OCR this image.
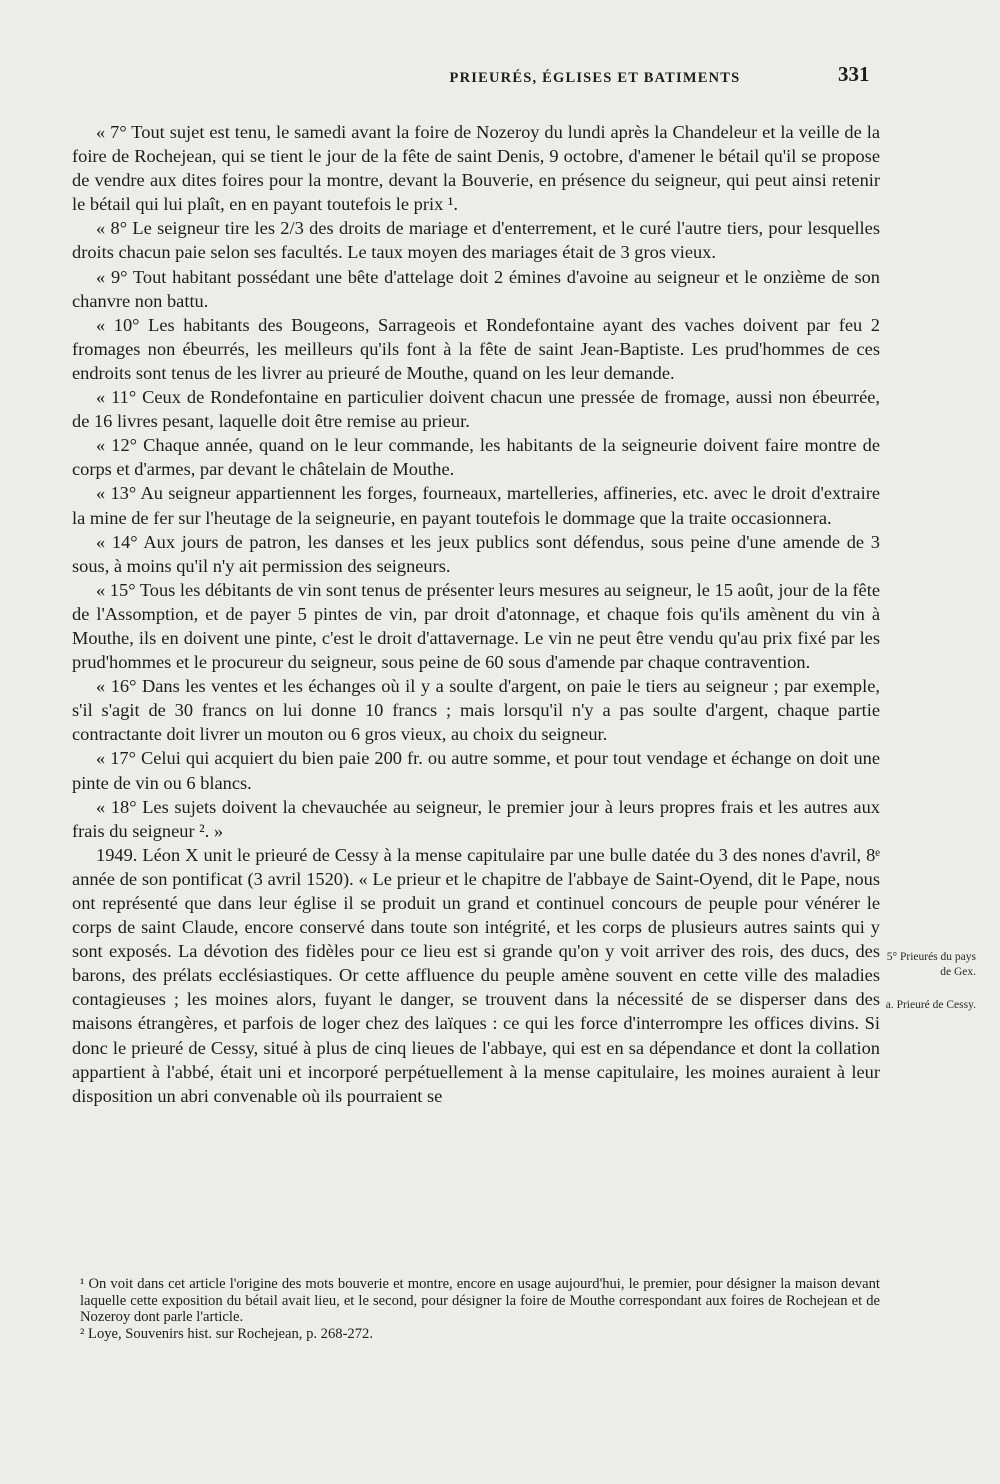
PRIEURÉS, ÉGLISES ET BATIMENTS	331

« 7° Tout sujet est tenu, le samedi avant la foire de Nozeroy du lundi après la Chandeleur et la veille de la foire de Rochejean, qui se tient le jour de la fête de saint Denis, 9 octobre, d'amener le bétail qu'il se propose de vendre aux dites foires pour la montre, devant la Bouverie, en présence du seigneur, qui peut ainsi retenir le bétail qui lui plaît, en en payant toutefois le prix ¹.

« 8° Le seigneur tire les 2/3 des droits de mariage et d'enterrement, et le curé l'autre tiers, pour lesquelles droits chacun paie selon ses facultés. Le taux moyen des mariages était de 3 gros vieux.

« 9° Tout habitant possédant une bête d'attelage doit 2 émines d'avoine au seigneur et le onzième de son chanvre non battu.

« 10° Les habitants des Bougeons, Sarrageois et Rondefontaine ayant des vaches doivent par feu 2 fromages non ébeurrés, les meilleurs qu'ils font à la fête de saint Jean-Baptiste. Les prud'hommes de ces endroits sont tenus de les livrer au prieuré de Mouthe, quand on les leur demande.

« 11° Ceux de Rondefontaine en particulier doivent chacun une pressée de fromage, aussi non ébeurrée, de 16 livres pesant, laquelle doit être remise au prieur.

« 12° Chaque année, quand on le leur commande, les habitants de la seigneurie doivent faire montre de corps et d'armes, par devant le châtelain de Mouthe.

« 13° Au seigneur appartiennent les forges, fourneaux, martelleries, affineries, etc. avec le droit d'extraire la mine de fer sur l'heutage de la seigneurie, en payant toutefois le dommage que la traite occasionnera.

« 14° Aux jours de patron, les danses et les jeux publics sont défendus, sous peine d'une amende de 3 sous, à moins qu'il n'y ait permission des seigneurs.

« 15° Tous les débitants de vin sont tenus de présenter leurs mesures au seigneur, le 15 août, jour de la fête de l'Assomption, et de payer 5 pintes de vin, par droit d'atonnage, et chaque fois qu'ils amènent du vin à Mouthe, ils en doivent une pinte, c'est le droit d'attavernage. Le vin ne peut être vendu qu'au prix fixé par les prud'hommes et le procureur du seigneur, sous peine de 60 sous d'amende par chaque contravention.

« 16° Dans les ventes et les échanges où il y a soulte d'argent, on paie le tiers au seigneur ; par exemple, s'il s'agit de 30 francs on lui donne 10 francs ; mais lorsqu'il n'y a pas soulte d'argent, chaque partie contractante doit livrer un mouton ou 6 gros vieux, au choix du seigneur.

« 17° Celui qui acquiert du bien paie 200 fr. ou autre somme, et pour tout vendage et échange on doit une pinte de vin ou 6 blancs.

« 18° Les sujets doivent la chevauchée au seigneur, le premier jour à leurs propres frais et les autres aux frais du seigneur ². »

1949. Léon X unit le prieuré de Cessy à la mense capitulaire par une bulle datée du 3 des nones d'avril, 8ᵉ année de son pontificat (3 avril 1520). « Le prieur et le chapitre de l'abbaye de Saint-Oyend, dit le Pape, nous ont représenté que dans leur église il se produit un grand et continuel concours de peuple pour vénérer le corps de saint Claude, encore conservé dans toute son intégrité, et les corps de plusieurs autres saints qui y sont exposés. La dévotion des fidèles pour ce lieu est si grande qu'on y voit arriver des rois, des ducs, des barons, des prélats ecclésiastiques. Or cette affluence du peuple amène souvent en cette ville des maladies contagieuses ; les moines alors, fuyant le danger, se trouvent dans la nécessité de se disperser dans des maisons étrangères, et parfois de loger chez des laïques : ce qui les force d'interrompre les offices divins. Si donc le prieuré de Cessy, situé à plus de cinq lieues de l'abbaye, qui est en sa dépendance et dont la collation appartient à l'abbé, était uni et incorporé perpétuellement à la mense capitulaire, les moines auraient à leur disposition un abri convenable où ils pourraient se

5° Prieurés du pays de Gex.
a. Prieuré de Cessy.

¹ On voit dans cet article l'origine des mots bouverie et montre, encore en usage aujourd'hui, le premier, pour désigner la maison devant laquelle cette exposition du bétail avait lieu, et le second, pour désigner la foire de Mouthe correspondant aux foires de Rochejean et de Nozeroy dont parle l'article.

² Loye, Souvenirs hist. sur Rochejean, p. 268-272.
